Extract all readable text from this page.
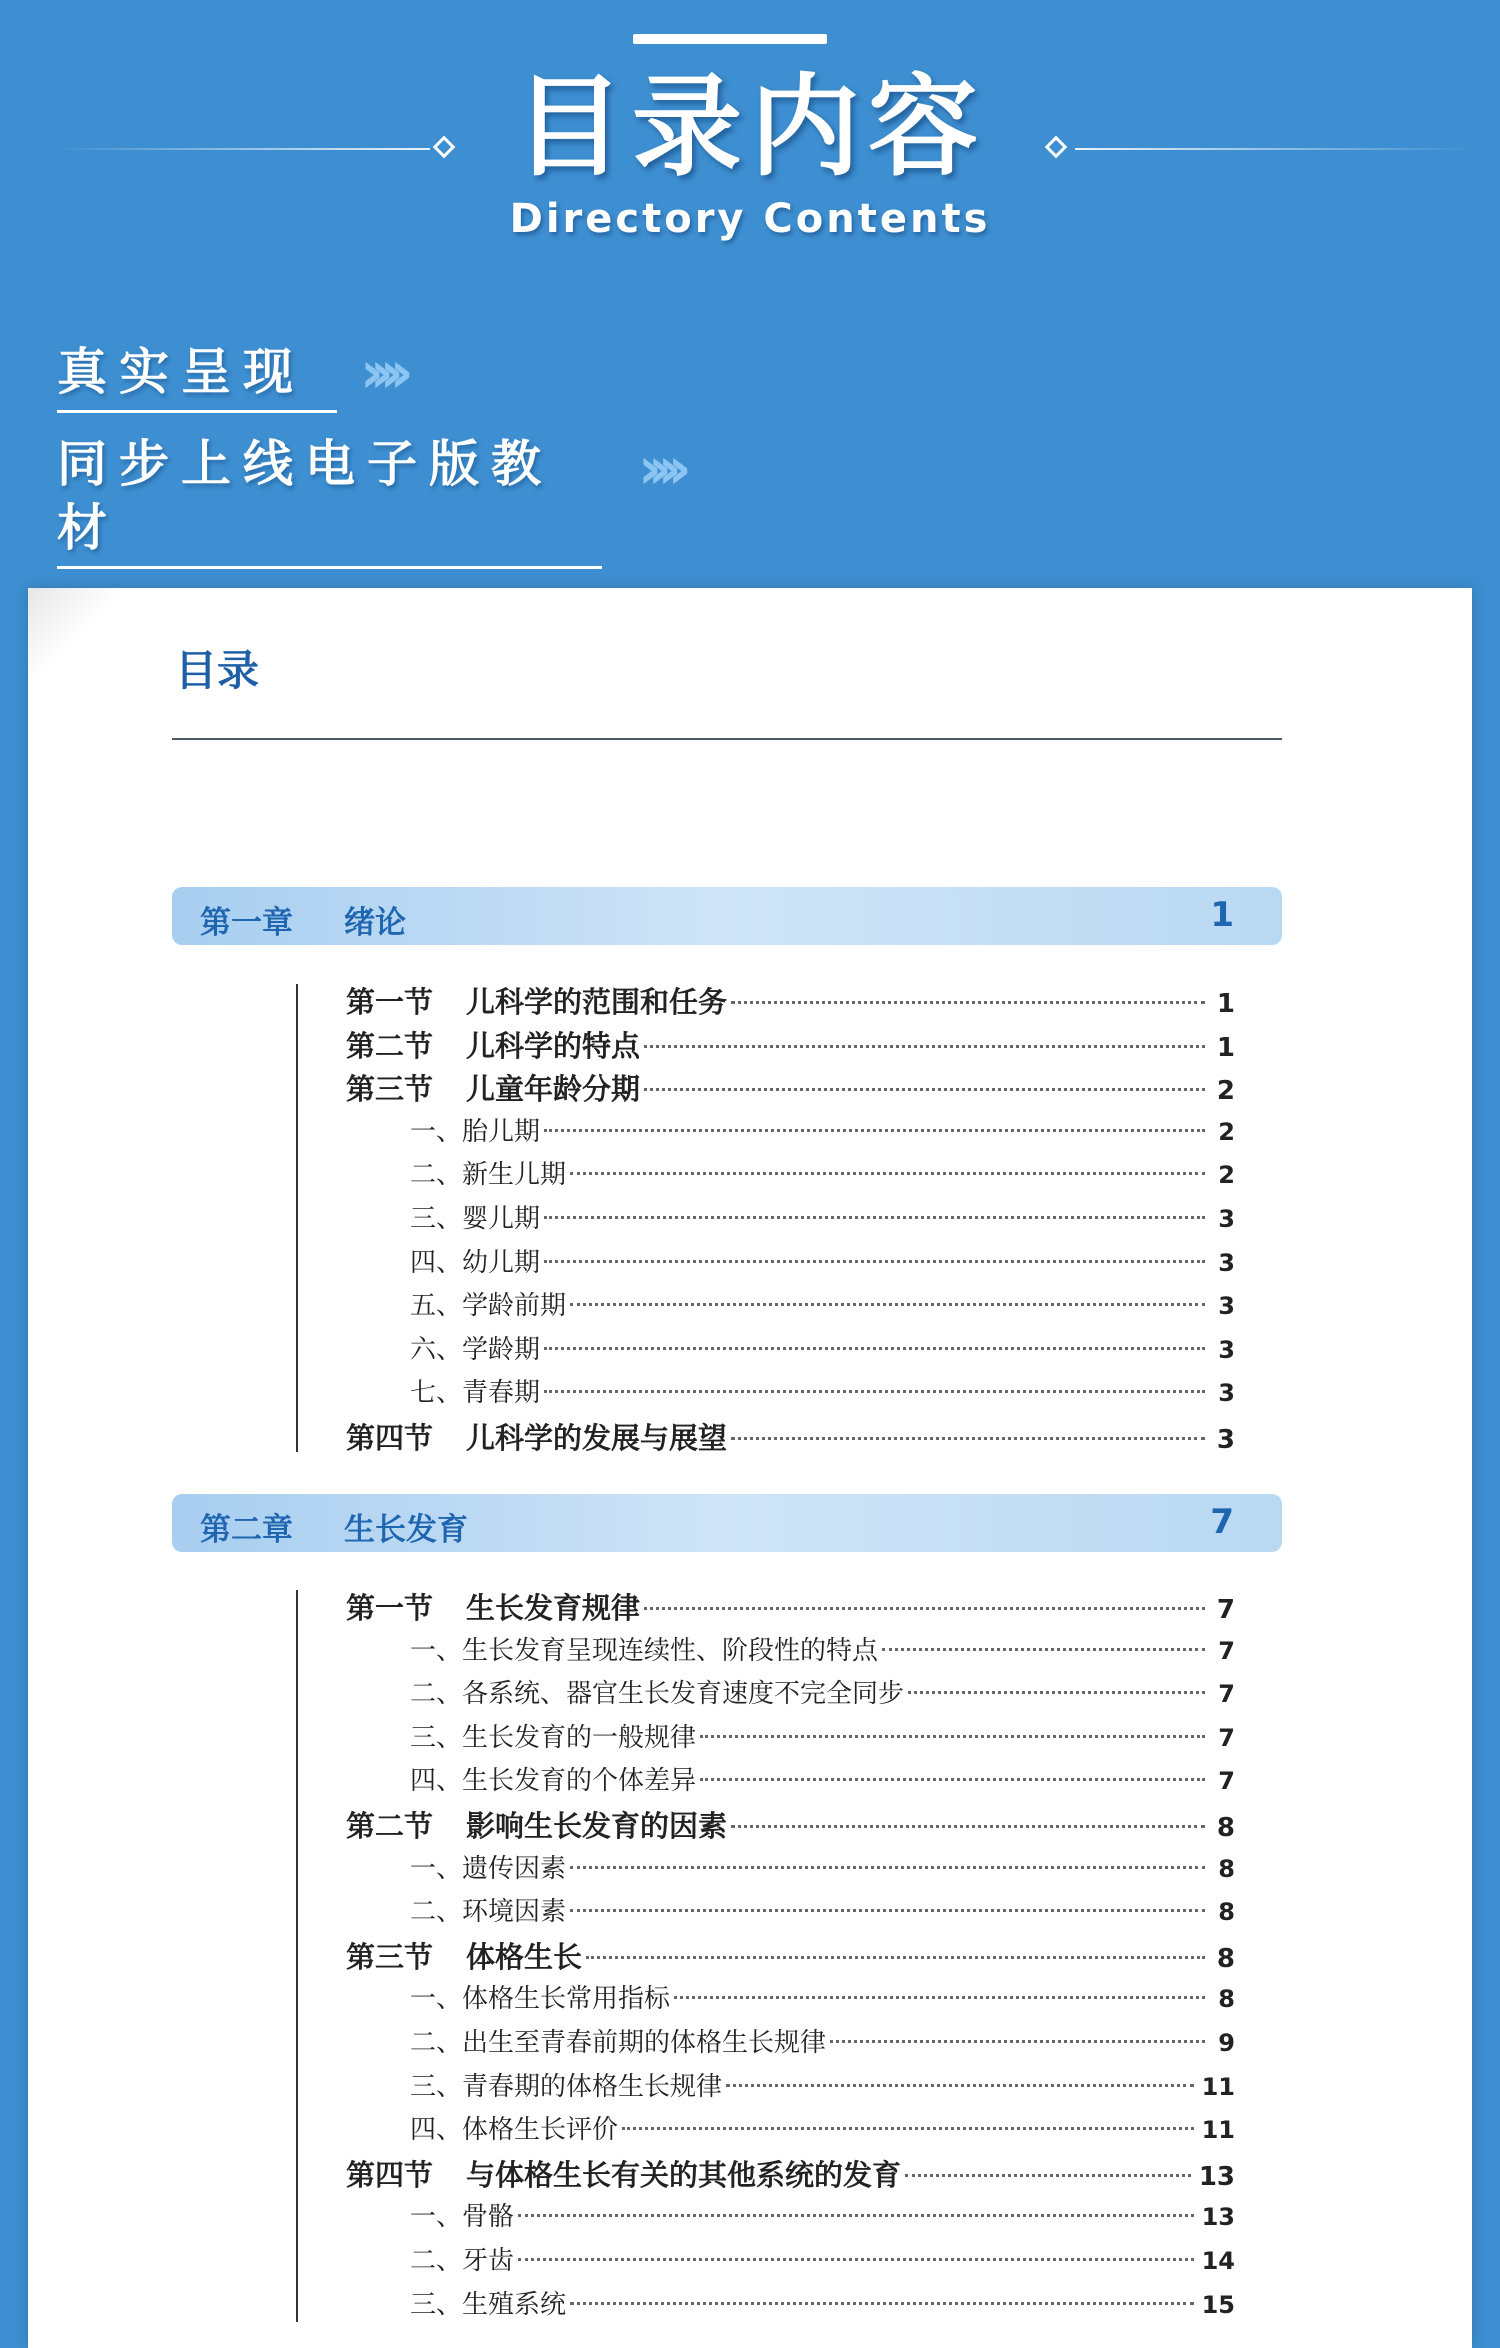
目录内容
Directory Contents
真实呈现 ››››
同步上线电子版教材
››››
目录
第一章 绪论	1
第一节 儿科学的范围和任务	1
第二节 儿科学的特点	1
第三节 儿童年龄分期	2
一、胎儿期	2
二、新生儿期	2
三、婴儿期	3
四、幼儿期	3
五、学龄前期	3
六、学龄期	3
七、青春期	3
第四节 儿科学的发展与展望	3
第二章 生长发育	7
第一节 生长发育规律	7
一、生长发育呈现连续性、阶段性的特点	7
二、各系统、器官生长发育速度不完全同步	7
三、生长发育的一般规律	7
四、生长发育的个体差异	7
第二节 影响生长发育的因素	8
一、遗传因素	8
二、环境因素	8
第三节 体格生长	8
一、体格生长常用指标	8
二、出生至青春前期的体格生长规律	9
三、青春期的体格生长规律	11
四、体格生长评价	11
第四节 与体格生长有关的其他系统的发育	13
一、骨骼	13
二、牙齿	14
三、生殖系统	15
